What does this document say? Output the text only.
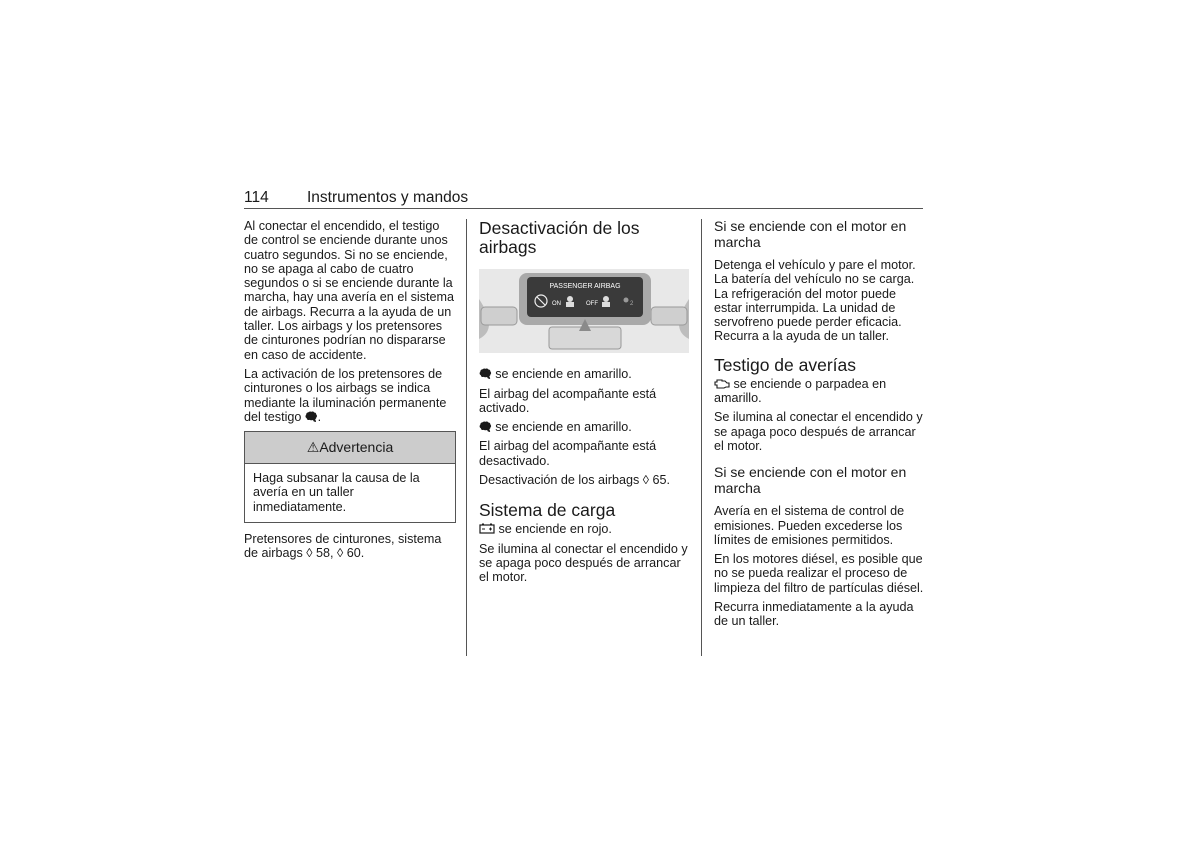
114 Instrumentos y mandos

Al conectar el encendido, el testigo de control se enciende durante unos cuatro segundos. Si no se enciende, no se apaga al cabo de cuatro segundos o si se enciende durante la marcha, hay una avería en el sistema de airbags. Recurra a la ayuda de un taller. Los airbags y los pretensores de cinturones podrían no dispararse en caso de accidente.

La activación de los pretensores de cinturones o los airbags se indica mediante la iluminación permanente del testigo 🗬.

⚠Advertencia
Haga subsanar la causa de la avería en un taller inmediatamente.

Pretensores de cinturones, sistema de airbags ◊ 58, ◊ 60.

Desactivación de los airbags
PASSENGER AIRBAG
ON	OFF	2

🗬 se enciende en amarillo.

El airbag del acompañante está activado.

🗬 se enciende en amarillo.

El airbag del acompañante está desactivado.

Desactivación de los airbags ◊ 65.

Sistema de carga

se enciende en rojo.

Se ilumina al conectar el encendido y se apaga poco después de arrancar el motor.

Si se enciende con el motor en marcha

Detenga el vehículo y pare el motor. La batería del vehículo no se carga. La refrigeración del motor puede estar interrumpida. La unidad de servofreno puede perder eficacia. Recurra a la ayuda de un taller.

Testigo de averías

se enciende o parpadea en amarillo.

Se ilumina al conectar el encendido y se apaga poco después de arrancar el motor.

Si se enciende con el motor en marcha

Avería en el sistema de control de emisiones. Pueden excederse los límites de emisiones permitidos.

En los motores diésel, es posible que no se pueda realizar el proceso de limpieza del filtro de partículas diésel.

Recurra inmediatamente a la ayuda de un taller.
